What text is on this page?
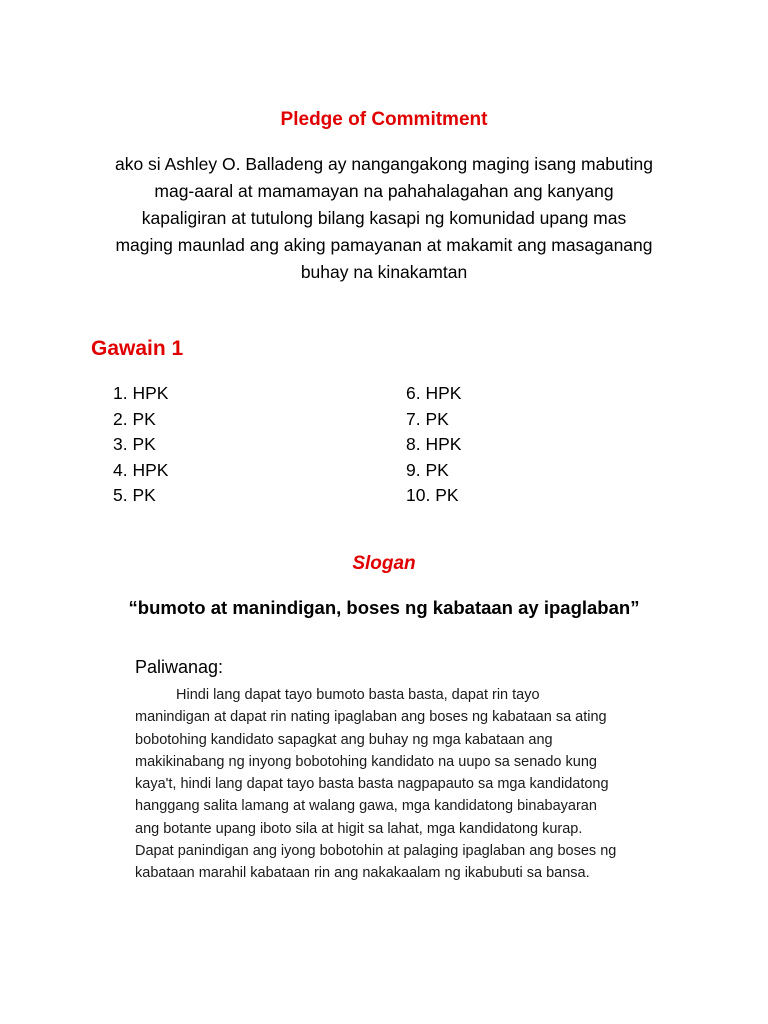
Pledge of Commitment
ako si Ashley O. Balladeng ay nangangakong maging isang mabuting
mag-aaral at mamamayan na pahahalagahan ang kanyang
kapaligiran at tutulong bilang kasapi ng komunidad upang mas
maging maunlad ang aking pamayanan at makamit ang masaganang
buhay na kinakamtan
Gawain 1
1. HPK
2. PK
3. PK
4. HPK
5. PK
6. HPK
7. PK
8. HPK
9. PK
10. PK
Slogan
“bumoto at manindigan, boses ng kabataan ay ipaglaban”
Paliwanag:
Hindi lang dapat tayo bumoto basta basta, dapat rin tayo
manindigan at dapat rin nating ipaglaban ang boses ng kabataan sa ating
bobotohing kandidato sapagkat ang buhay ng mga kabataan ang
makikinabang ng inyong bobotohing kandidato na uupo sa senado kung
kaya't, hindi lang dapat tayo basta basta nagpapauto sa mga kandidatong
hanggang salita lamang at walang gawa, mga kandidatong binabayaran
ang botante upang iboto sila at higit sa lahat, mga kandidatong kurap.
Dapat panindigan ang iyong bobotohin at palaging ipaglaban ang boses ng
kabataan marahil kabataan rin ang nakakaalam ng ikabubuti sa bansa.
